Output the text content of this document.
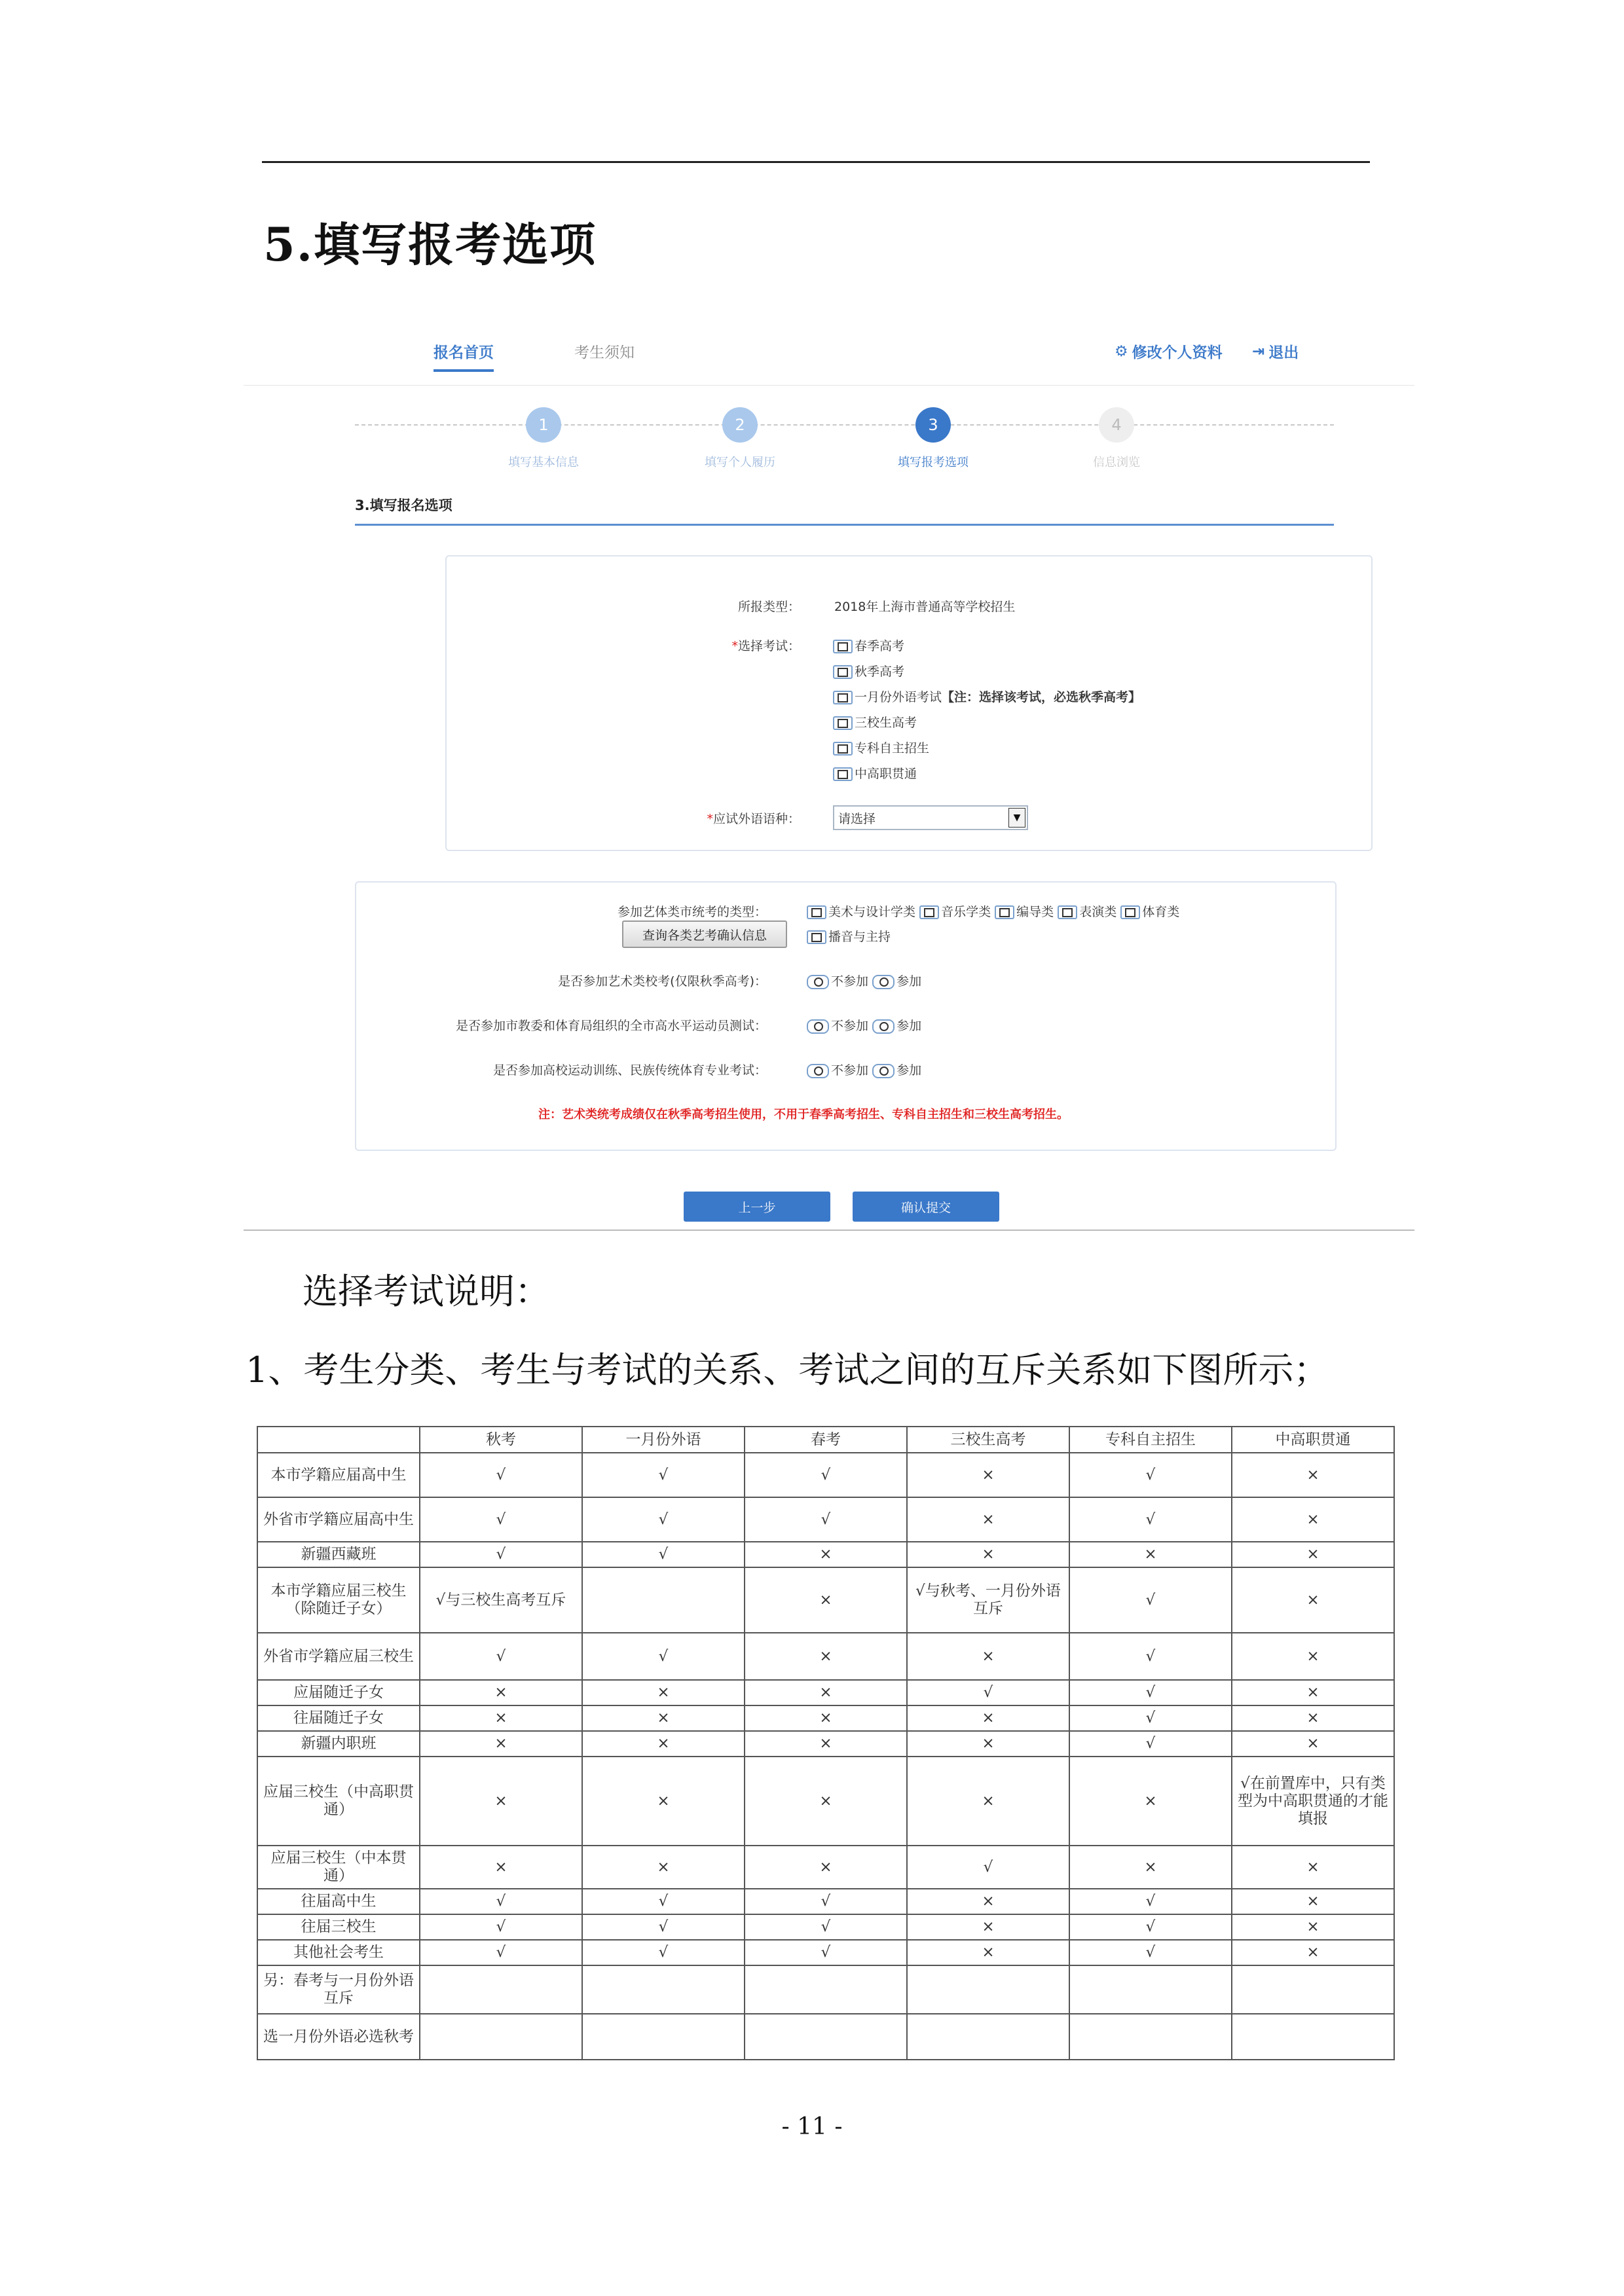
5.填写报考选项
报名首页	考生须知	⚙ 修改个人资料 ⇥ 退出
1
填写基本信息
2
填写个人履历
3
填写报考选项
4
信息浏览
3.填写报名选项
所报类型：	2018年上海市普通高等学校招生
*选择考试：	春季高考
秋季高考
一月份外语考试【注：选择该考试，必选秋季高考】
三校生高考
专科自主招生
中高职贯通
*应试外语语种：	请选择	▼
参加艺体类市统考的类型：	美术与设计学类 音乐学类 编导类 表演类 体育类
查询各类艺考确认信息	播音与主持
是否参加艺术类校考(仅限秋季高考)：	不参加 参加
是否参加市教委和体育局组织的全市高水平运动员测试：	不参加 参加
是否参加高校运动训练、民族传统体育专业考试：	不参加 参加
注：艺术类统考成绩仅在秋季高考招生使用，不用于春季高考招生、专科自主招生和三校生高考招生。
上一步	确认提交
选择考试说明：
1、考生分类、考生与考试的关系、考试之间的互斥关系如下图所示；
	秋考	一月份外语	春考	三校生高考	专科自主招生	中高职贯通
本市学籍应届高中生	√	√	√	×	√	×
外省市学籍应届高中生	√	√	√	×	√	×
新疆西藏班	√	√	×	×	×	×
本市学籍应届三校生（除随迁子女）	√与三校生高考互斥		×	√与秋考、一月份外语互斥	√	×
外省市学籍应届三校生	√	√	×	×	√	×
应届随迁子女	×	×	×	√	√	×
往届随迁子女	×	×	×	×	√	×
新疆内职班	×	×	×	×	√	×
应届三校生（中高职贯通）	×	×	×	×	×	√在前置库中，只有类型为中高职贯通的才能填报
应届三校生（中本贯通）	×	×	×	√	×	×
往届高中生	√	√	√	×	√	×
往届三校生	√	√	√	×	√	×
其他社会考生	√	√	√	×	√	×
另：春考与一月份外语互斥						
选一月份外语必选秋考						
- 11 -
